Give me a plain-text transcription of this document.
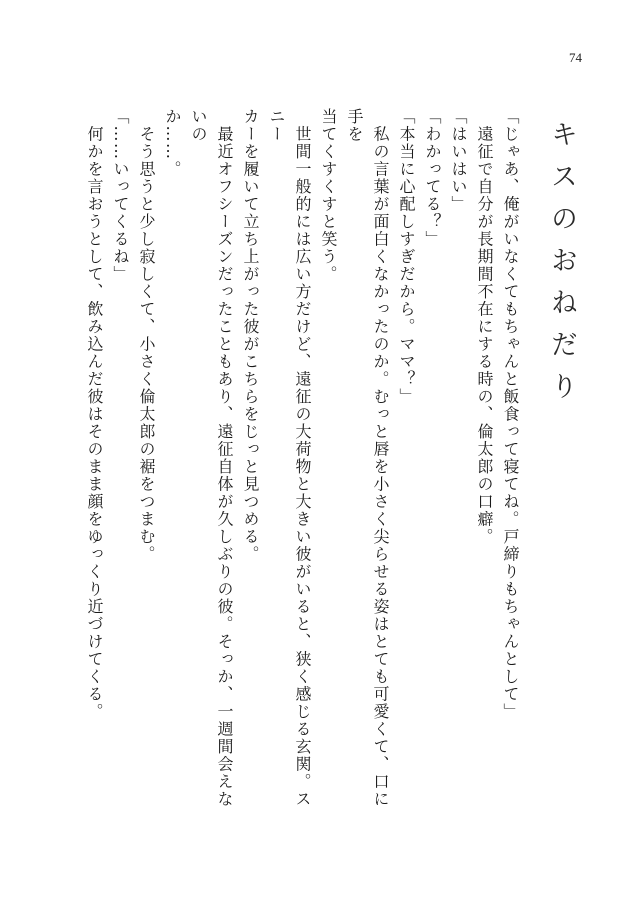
74
キスのおねだり

「じゃあ、俺がいなくてもちゃんと飯食って寝てね。戸締りもちゃんとして」

　遠征で自分が長期間不在にする時の、倫太郎の口癖。

「はいはい」

「わかってる？」

「本当に心配しすぎだから。ママ？」

　私の言葉が面白くなかったのか。むっと唇を小さく尖らせる姿はとても可愛くて、口に手を

当てくすくすと笑う。

　世間一般的には広い方だけど、遠征の大荷物と大きい彼がいると、狭く感じる玄関。スニー

カーを履いて立ち上がった彼がこちらをじっと見つめる。

　最近オフシーズンだったこともあり、遠征自体が久しぶりの彼。そっか、一週間会えないの

か……。

　そう思うと少し寂しくて、小さく倫太郎の裾をつまむ。

「……いってくるね」

　何かを言おうとして、飲み込んだ彼はそのまま顔をゆっくり近づけてくる。
